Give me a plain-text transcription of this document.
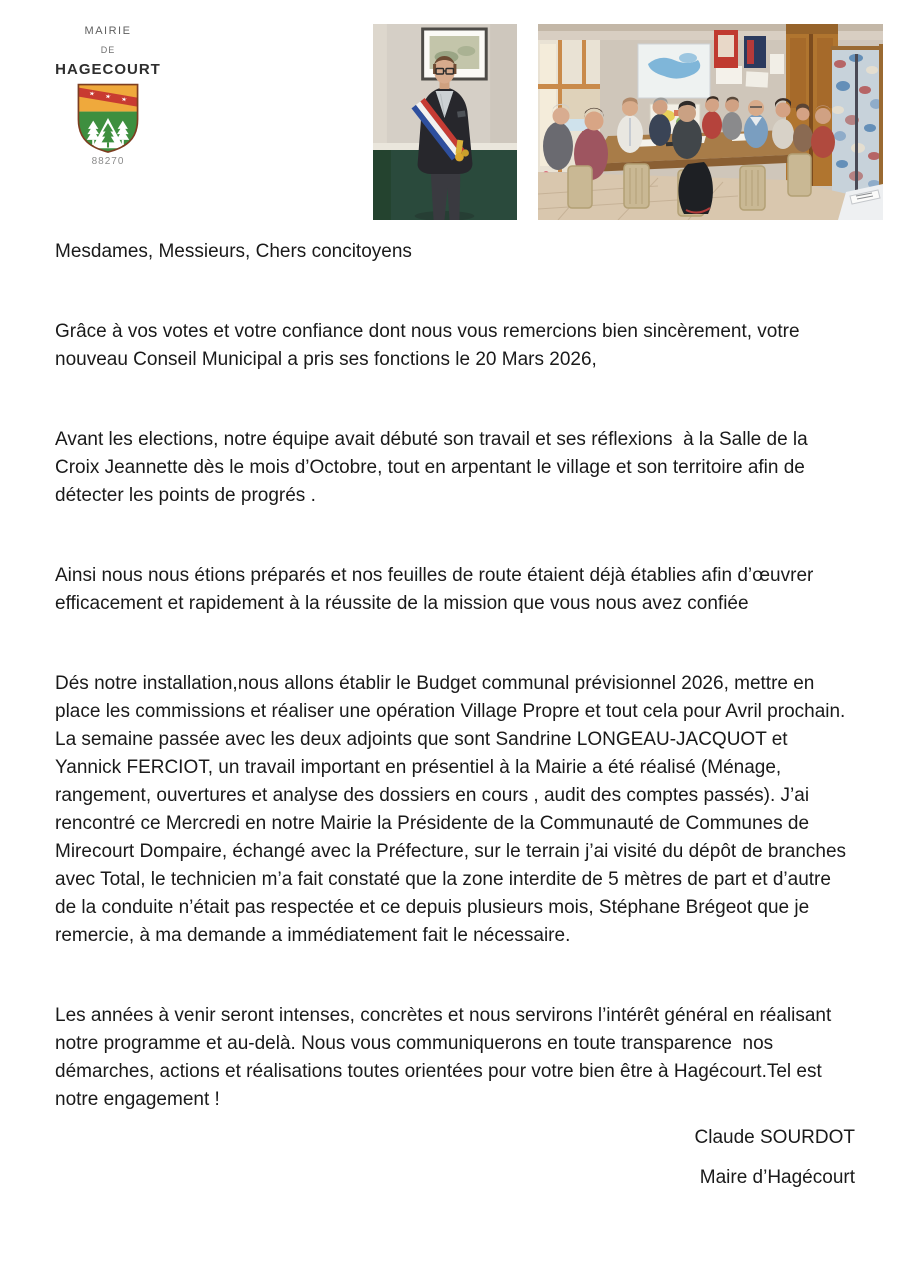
MAIRIE
DE
HAGECOURT
88270

Mesdames, Messieurs, Chers concitoyens

Grâce à vos votes et votre confiance dont nous vous remercions bien sincèrement, votre nouveau Conseil Municipal a pris ses fonctions le 20 Mars 2026,

Avant les elections, notre équipe avait débuté son travail et ses réflexions  à la Salle de la Croix Jeannette dès le mois d’Octobre, tout en arpentant le village et son territoire afin de détecter les points de progrés .

Ainsi nous nous étions préparés et nos feuilles de route étaient déjà établies afin d’œuvrer efficacement et rapidement à la réussite de la mission que vous nous avez confiée

Dés notre installation,nous allons établir le Budget communal prévisionnel 2026, mettre en place les commissions et réaliser une opération Village Propre et tout cela pour Avril prochain. La semaine passée avec les deux adjoints que sont Sandrine LONGEAU-JACQUOT et Yannick FERCIOT, un travail important en présentiel à la Mairie a été réalisé (Ménage, rangement, ouvertures et analyse des dossiers en cours , audit des comptes passés). J’ai rencontré ce Mercredi en notre Mairie la Présidente de la Communauté de Communes de Mirecourt Dompaire, échangé avec la Préfecture, sur le terrain j’ai visité du dépôt de branches avec Total, le technicien m’a fait constaté que la zone interdite de 5 mètres de part et d’autre de la conduite n’était pas respectée et ce depuis plusieurs mois, Stéphane Brégeot que je remercie, à ma demande a immédiatement fait le nécessaire.

Les années à venir seront intenses, concrètes et nous servirons l’intérêt général en réalisant notre programme et au-delà. Nous vous communiquerons en toute transparence  nos démarches, actions et réalisations toutes orientées pour votre bien être à Hagécourt.Tel est notre engagement !

Claude SOURDOT

Maire d’Hagécourt
